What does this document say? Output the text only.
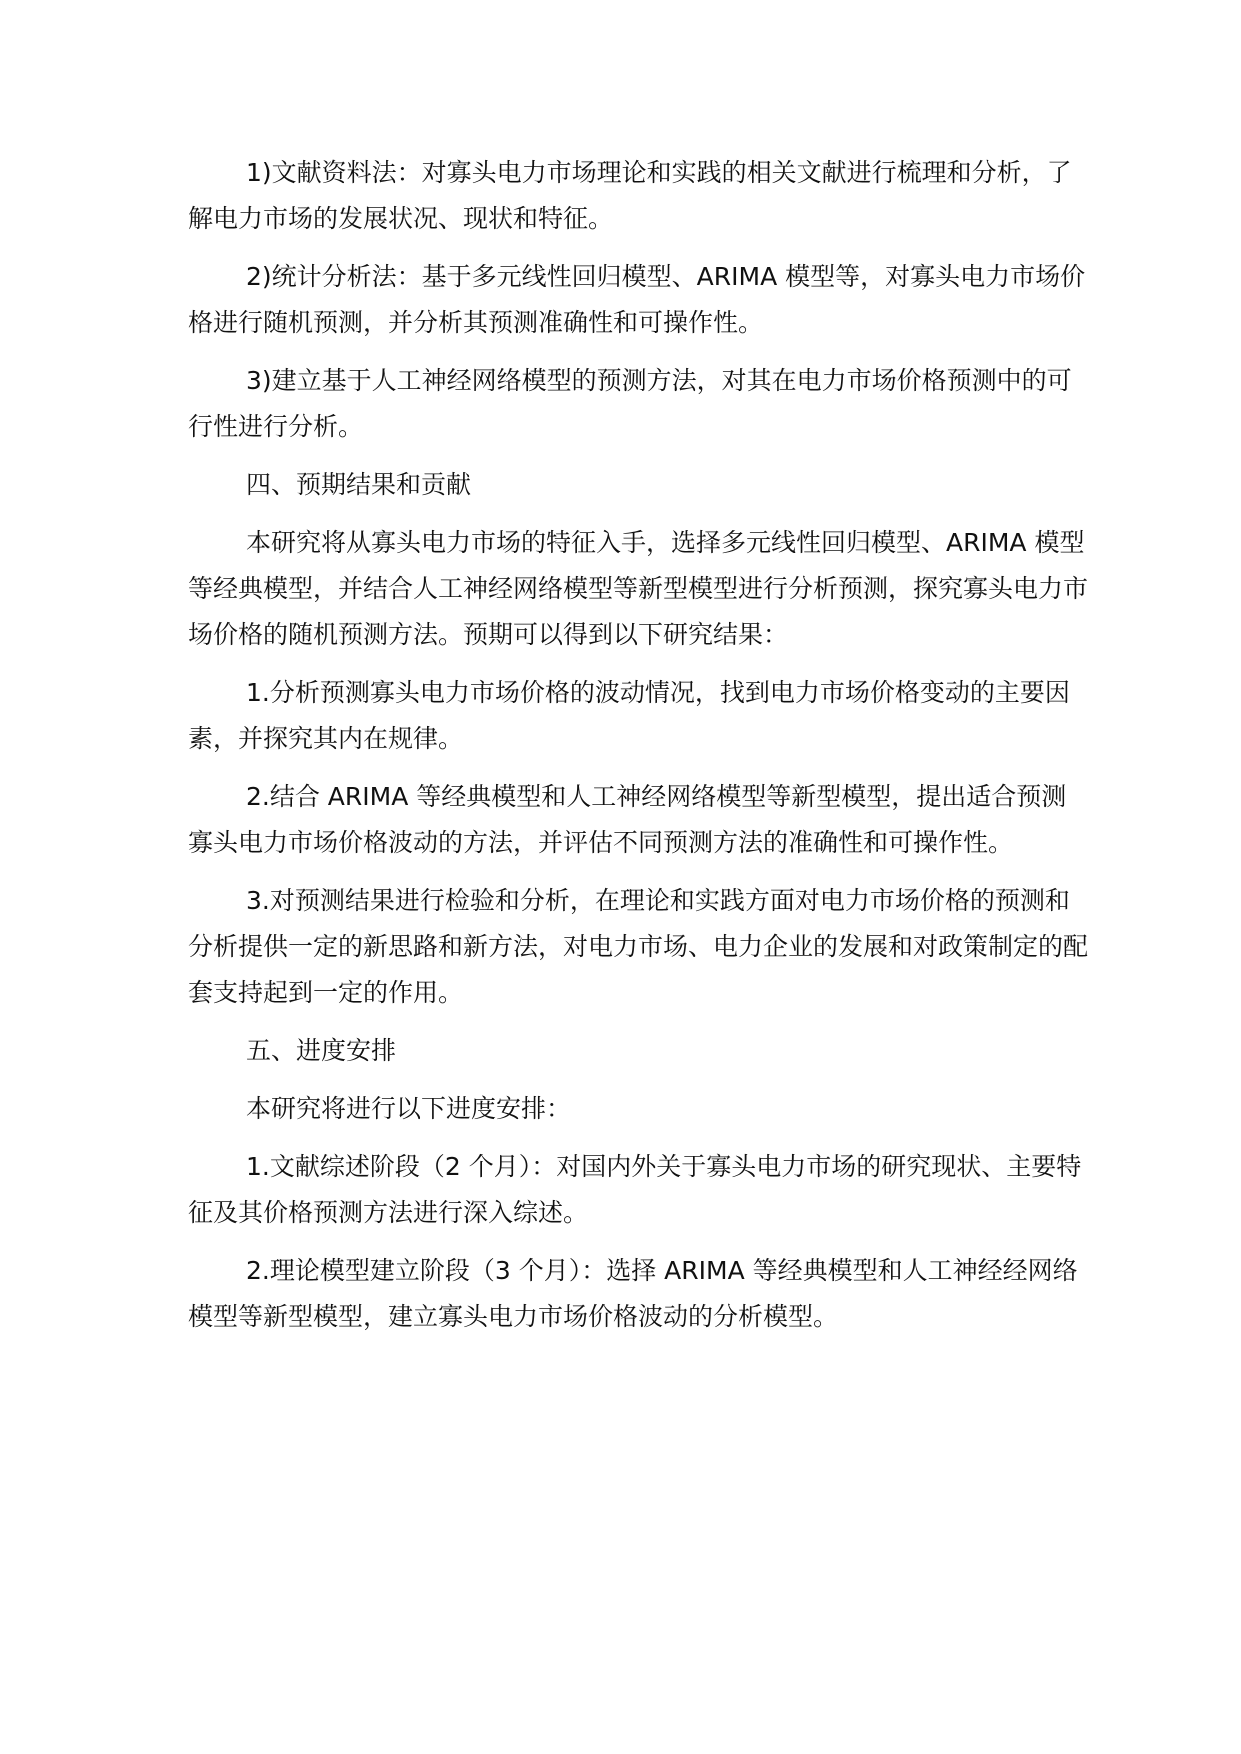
1)文献资料法：对寡头电力市场理论和实践的相关文献进行梳理和分析，了解电力市场的发展状况、现状和特征。

2)统计分析法：基于多元线性回归模型、ARIMA 模型等，对寡头电力市场价格进行随机预测，并分析其预测准确性和可操作性。

3)建立基于人工神经网络模型的预测方法，对其在电力市场价格预测中的可行性进行分析。

四、预期结果和贡献

本研究将从寡头电力市场的特征入手，选择多元线性回归模型、ARIMA 模型等经典模型，并结合人工神经网络模型等新型模型进行分析预测，探究寡头电力市场价格的随机预测方法。预期可以得到以下研究结果：

1.分析预测寡头电力市场价格的波动情况，找到电力市场价格变动的主要因素，并探究其内在规律。

2.结合 ARIMA 等经典模型和人工神经网络模型等新型模型，提出适合预测寡头电力市场价格波动的方法，并评估不同预测方法的准确性和可操作性。

3.对预测结果进行检验和分析，在理论和实践方面对电力市场价格的预测和分析提供一定的新思路和新方法，对电力市场、电力企业的发展和对政策制定的配套支持起到一定的作用。

五、进度安排

本研究将进行以下进度安排：

1.文献综述阶段（2 个月）：对国内外关于寡头电力市场的研究现状、主要特征及其价格预测方法进行深入综述。

2.理论模型建立阶段（3 个月）：选择 ARIMA 等经典模型和人工神经经网络模型等新型模型，建立寡头电力市场价格波动的分析模型。
